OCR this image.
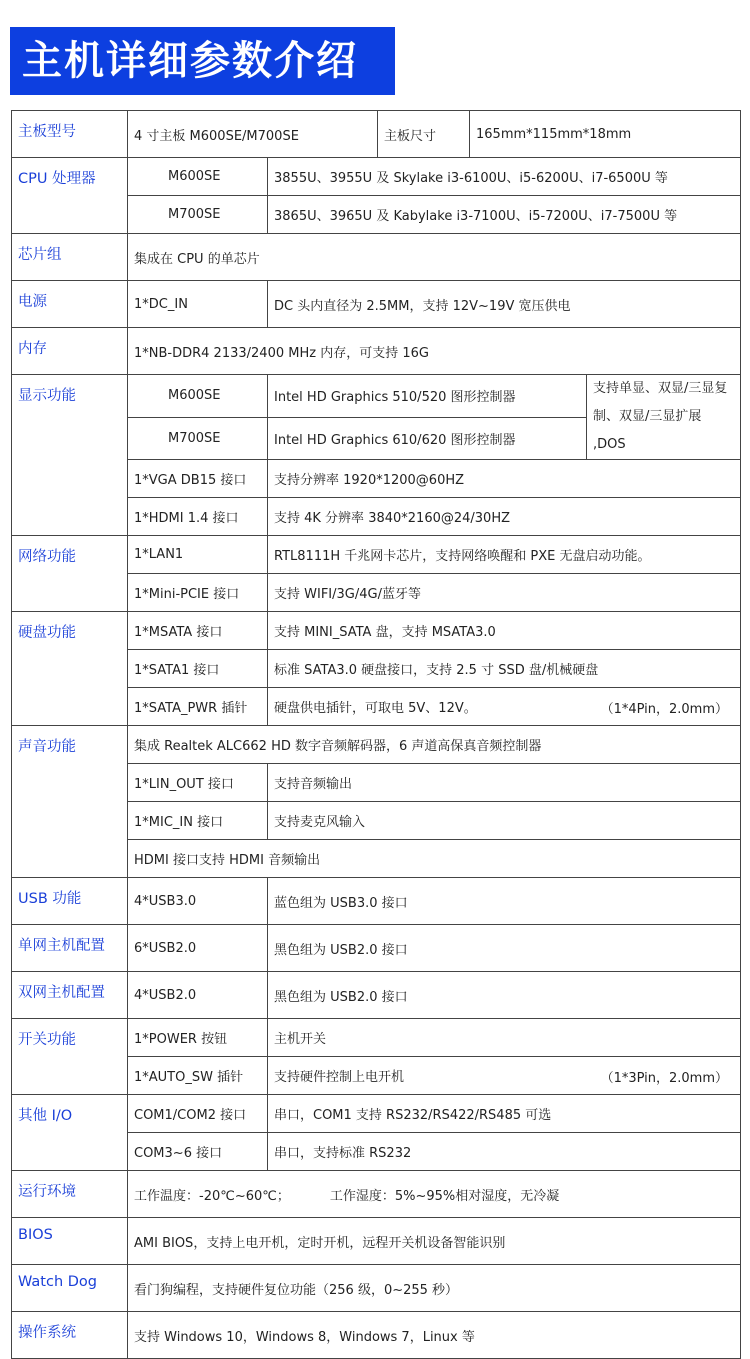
主机详细参数介绍
主板型号	4 寸主板 M600SE/M700SE		主板尺寸	165mm*115mm*18mm	
CPU 处理器	M600SE	3855U、3955U 及 Skylake i3-6100U、i5-6200U、i7-6500U 等			
	M700SE	3865U、3965U 及 Kabylake i3-7100U、i5-7200U、i7-7500U 等			
芯片组	集成在 CPU 的单芯片				
电源	1*DC_IN	DC 头内直径为 2.5MM，支持 12V~19V 宽压供电			
内存	1*NB-DDR4 2133/2400 MHz 内存，可支持 16G				
显示功能	M600SE	Intel HD Graphics 510/520 图形控制器			支持单显、双显/三显复制、双显/三显扩展 ,DOS
	M700SE	Intel HD Graphics 610/620 图形控制器			
	1*VGA DB15 接口	支持分辨率 1920*1200@60HZ			
	1*HDMI 1.4 接口	支持 4K 分辨率 3840*2160@24/30HZ			
网络功能	1*LAN1	RTL8111H 千兆网卡芯片，支持网络唤醒和 PXE 无盘启动功能。			
	1*Mini-PCIE 接口	支持 WIFI/3G/4G/蓝牙等			
硬盘功能	1*MSATA 接口	支持 MINI_SATA 盘，支持 MSATA3.0			
	1*SATA1 接口	标准 SATA3.0 硬盘接口，支持 2.5 寸 SSD 盘/机械硬盘			
	1*SATA_PWR 插针	硬盘供电插针，可取电 5V、12V。 （1*4Pin，2.0mm）			

声音功能	集成 Realtek ALC662 HD 数字音频解码器，6 声道高保真音频控制器				
	1*LIN_OUT 接口	支持音频输出			
	1*MIC_IN 接口	支持麦克风输入			
	HDMI 接口支持 HDMI 音频输出				
USB 功能	4*USB3.0	蓝色组为 USB3.0 接口			
单网主机配置	6*USB2.0	黑色组为 USB2.0 接口			
双网主机配置	4*USB2.0	黑色组为 USB2.0 接口			
开关功能	1*POWER 按钮	主机开关			
	1*AUTO_SW 插针	支持硬件控制上电开机 （1*3Pin，2.0mm）			

其他 I/O	COM1/COM2 接口	串口，COM1 支持 RS232/RS422/RS485 可选			
	COM3~6 接口	串口，支持标准 RS232			
运行环境	工作温度：-20℃~60℃； 工作湿度：5%~95%相对湿度，无冷凝				
BIOS	AMI BIOS，支持上电开机，定时开机，远程开关机设备智能识别				
Watch Dog	看门狗编程，支持硬件复位功能（256 级，0~255 秒）				
操作系统	支持 Windows 10，Windows 8，Windows 7，Linux 等				
